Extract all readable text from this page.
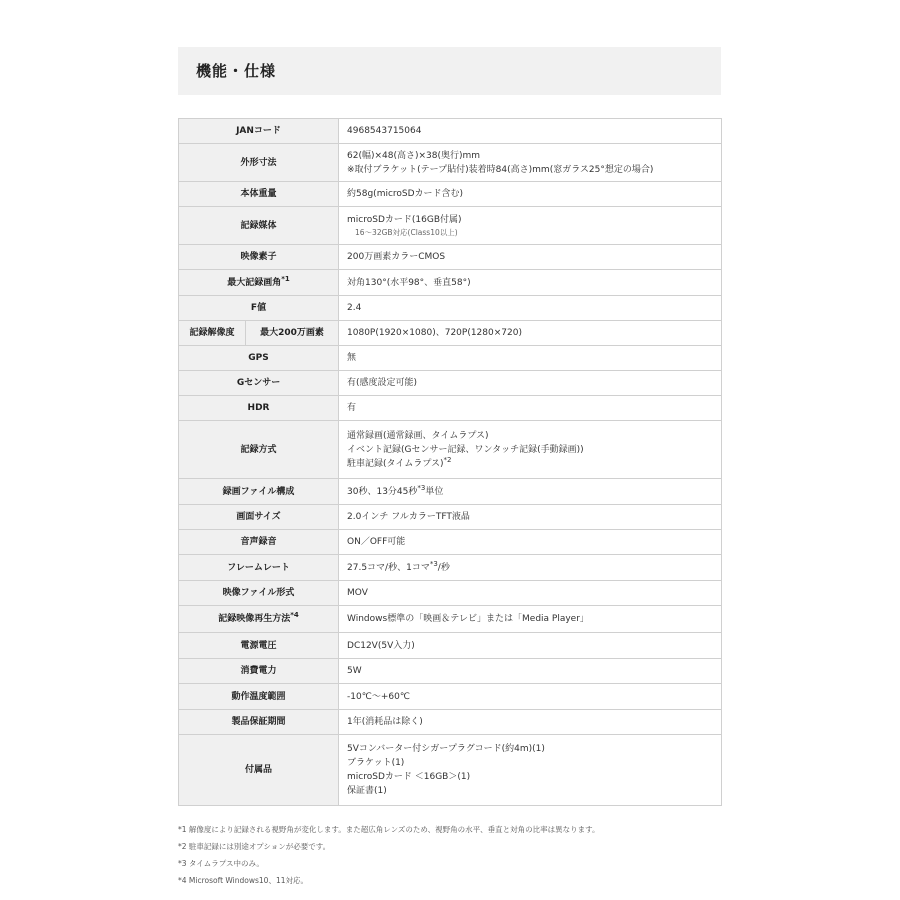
機能・仕様
JANコード		4968543715064
外形寸法		62(幅)×48(高さ)×38(奥行)mm
※取付ブラケット(テープ貼付)装着時84(高さ)mm(窓ガラス25°想定の場合)

本体重量		約58g(microSDカード含む)
記録媒体		microSDカード(16GB付属)
16～32GB対応(Class10以上)

映像素子		200万画素カラーCMOS
最大記録画角$^{*1}$		対角130°(水平98°、垂直58°)
F値		2.4
記録解像度	最大200万画素	1080P(1920×1080)、720P(1280×720)
GPS		無
Gセンサー		有(感度設定可能)
HDR		有
記録方式		通常録画(通常録画、タイムラプス)
イベント記録(Gセンサー記録、ワンタッチ記録(手動録画))
駐車記録(タイムラプス)$^{*2}$

録画ファイル構成		30秒、13分45秒$^{*3}$単位
画面サイズ		2.0インチ フルカラーTFT液晶
音声録音		ON／OFF可能
フレームレート		27.5コマ/秒、1コマ$^{*3}$/秒
映像ファイル形式		MOV
記録映像再生方法$^{*4}$		Windows標準の「映画＆テレビ」または「Media Player」
電源電圧		DC12V(5V入力)
消費電力		5W
動作温度範囲		-10℃～+60℃
製品保証期間		1年(消耗品は除く)
付属品		5Vコンバーター付シガープラグコード(約4m)(1)
ブラケット(1)
microSDカード ＜16GB＞(1)
保証書(1)
*1 解像度により記録される視野角が変化します。また超広角レンズのため、視野角の水平、垂直と対角の比率は異なります。
*2 駐車記録には別途オプションが必要です。
*3 タイムラプス中のみ。
*4 Microsoft Windows10、11対応。
